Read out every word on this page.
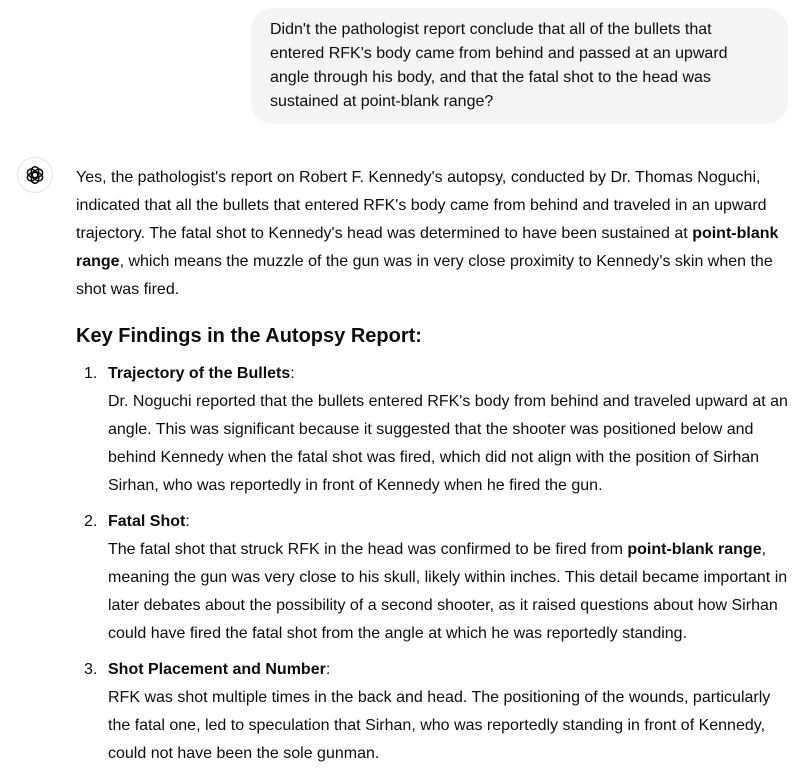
Didn't the pathologist report conclude that all of the bullets that entered RFK's body came from behind and passed at an upward angle through his body, and that the fatal shot to the head was sustained at point-blank range?

Yes, the pathologist's report on Robert F. Kennedy's autopsy, conducted by Dr. Thomas Noguchi, indicated that all the bullets that entered RFK's body came from behind and traveled in an upward trajectory. The fatal shot to Kennedy's head was determined to have been sustained at point-blank range, which means the muzzle of the gun was in very close proximity to Kennedy's skin when the shot was fired.

Key Findings in the Autopsy Report:
1. Trajectory of the Bullets:
Dr. Noguchi reported that the bullets entered RFK's body from behind and traveled upward at an angle. This was significant because it suggested that the shooter was positioned below and behind Kennedy when the fatal shot was fired, which did not align with the position of Sirhan Sirhan, who was reportedly in front of Kennedy when he fired the gun.
2. Fatal Shot:
The fatal shot that struck RFK in the head was confirmed to be fired from point-blank range, meaning the gun was very close to his skull, likely within inches. This detail became important in later debates about the possibility of a second shooter, as it raised questions about how Sirhan could have fired the fatal shot from the angle at which he was reportedly standing.
3. Shot Placement and Number:
RFK was shot multiple times in the back and head. The positioning of the wounds, particularly the fatal one, led to speculation that Sirhan, who was reportedly standing in front of Kennedy, could not have been the sole gunman.
